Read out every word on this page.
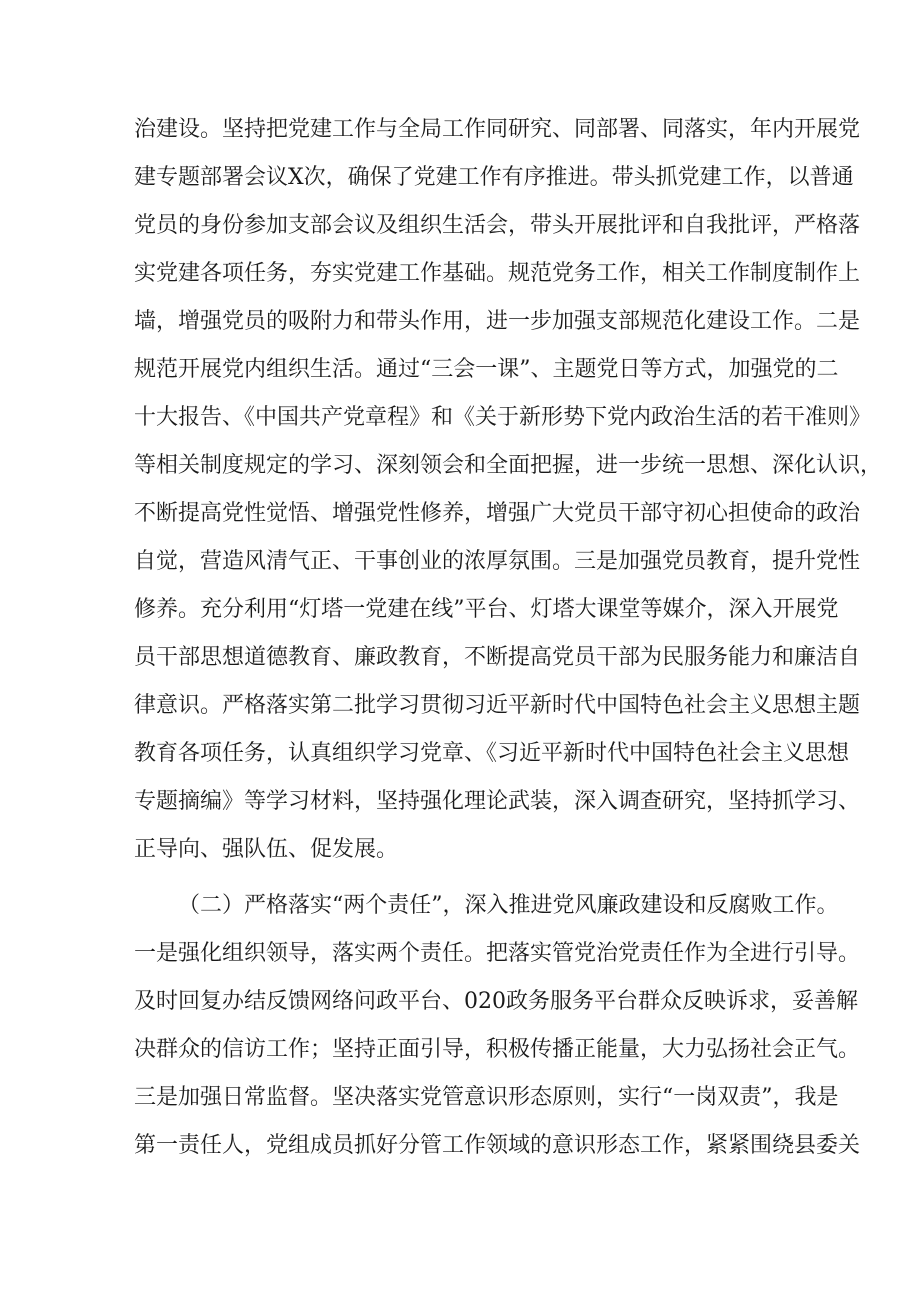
治建设。坚持把党建工作与全局工作同研究、同部署、同落实，年内开展党
建专题部署会议X次，确保了党建工作有序推进。带头抓党建工作，以普通
党员的身份参加支部会议及组织生活会，带头开展批评和自我批评，严格落
实党建各项任务，夯实党建工作基础。规范党务工作，相关工作制度制作上
墙，增强党员的吸附力和带头作用，进一步加强支部规范化建设工作。二是
规范开展党内组织生活。通过“三会一课”、主题党日等方式，加强党的二
十大报告、《中国共产党章程》和《关于新形势下党内政治生活的若干准则》
等相关制度规定的学习、深刻领会和全面把握，进一步统一思想、深化认识，
不断提高党性觉悟、增强党性修养，增强广大党员干部守初心担使命的政治
自觉，营造风清气正、干事创业的浓厚氛围。三是加强党员教育，提升党性
修养。充分利用“灯塔一党建在线”平台、灯塔大课堂等媒介，深入开展党
员干部思想道德教育、廉政教育，不断提高党员干部为民服务能力和廉洁自
律意识。严格落实第二批学习贯彻习近平新时代中国特色社会主义思想主题
教育各项任务，认真组织学习党章、《习近平新时代中国特色社会主义思想
专题摘编》等学习材料，坚持强化理论武装，深入调查研究，坚持抓学习、
正导向、强队伍、促发展。
（二）严格落实“两个责任”，深入推进党风廉政建设和反腐败工作。
一是强化组织领导，落实两个责任。把落实管党治党责任作为全进行引导。
及时回复办结反馈网络问政平台、020政务服务平台群众反映诉求，妥善解
决群众的信访工作；坚持正面引导，积极传播正能量，大力弘扬社会正气。
三是加强日常监督。坚决落实党管意识形态原则，实行“一岗双责”，我是
第一责任人，党组成员抓好分管工作领域的意识形态工作，紧紧围绕县委关
